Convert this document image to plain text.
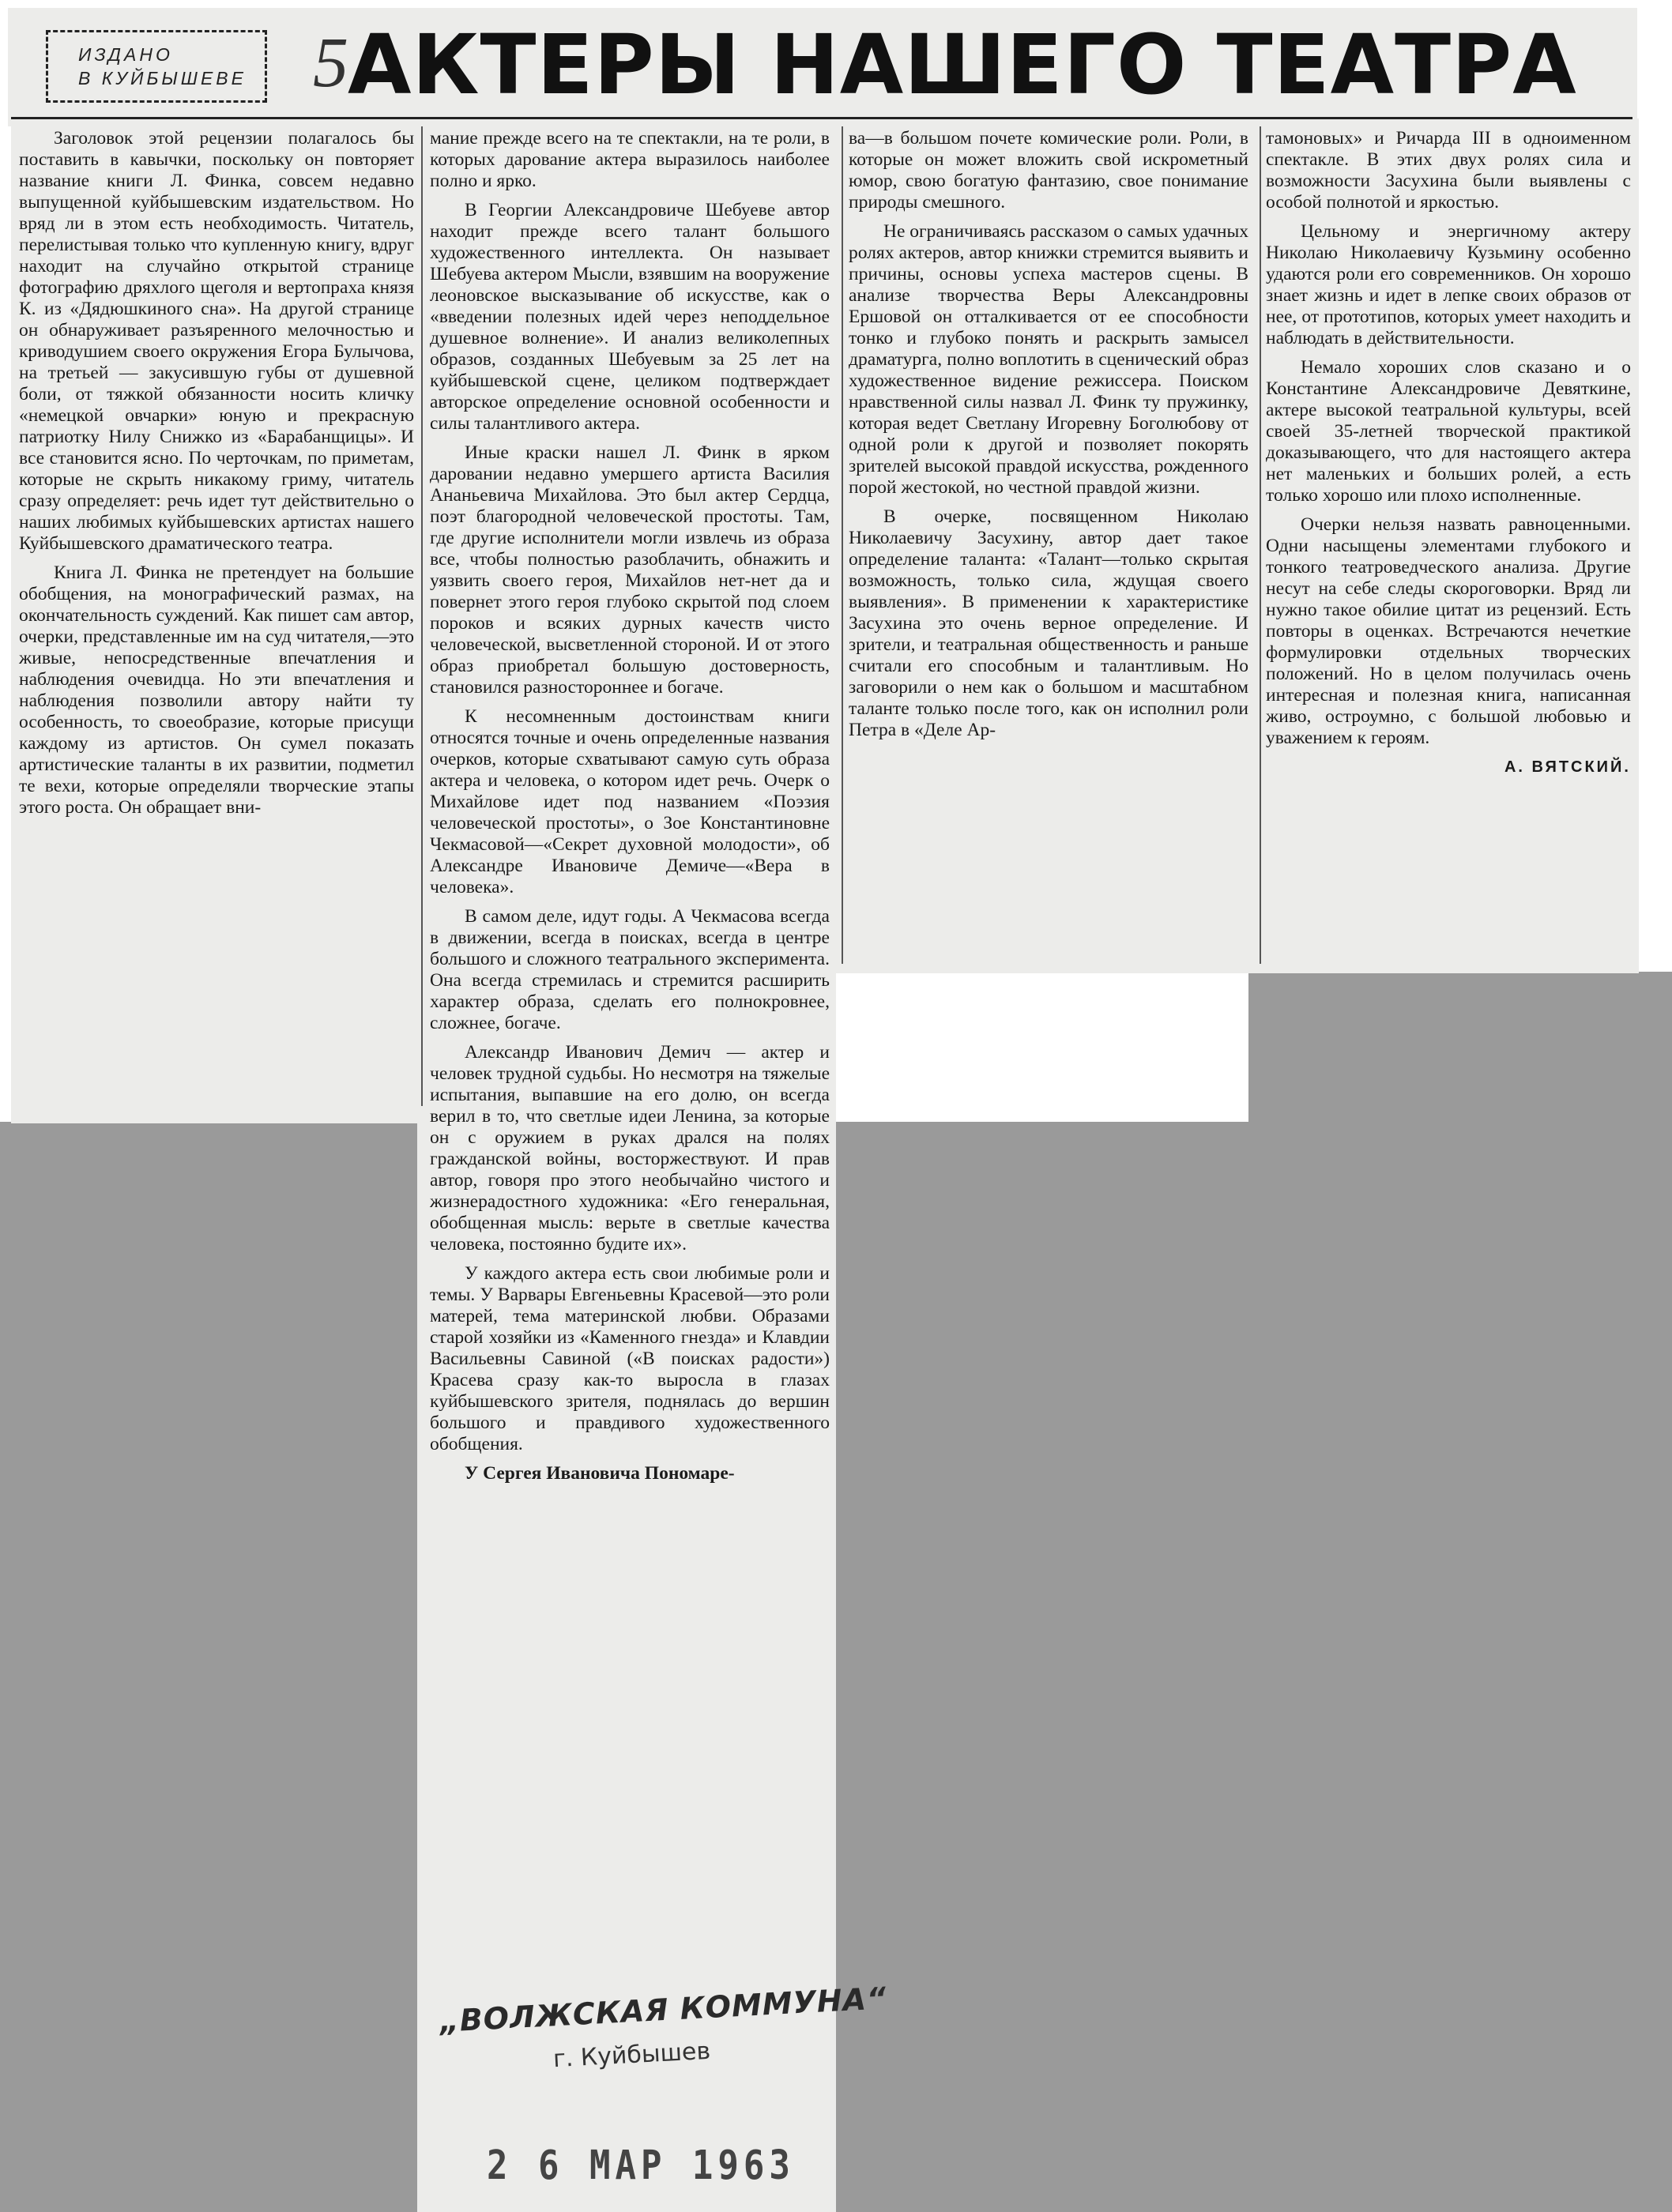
ИЗДАНО
В КУЙБЫШЕВЕ 5 АКТЕРЫ НАШЕГО ТЕАТРА

Заголовок этой рецензии полагалось бы поставить в кавычки, поскольку он повторяет название книги Л. Финка, совсем недавно выпущенной куйбышевским издательством. Но вряд ли в этом есть необходимость. Читатель, перелистывая только что купленную книгу, вдруг находит на случайно открытой странице фотографию дряхлого щеголя и вертопраха князя К. из «Дядюшкиного сна». На другой странице он обнаруживает разъяренного мелочностью и криводушием своего окружения Егора Булычова, на третьей — закусившую губы от душевной боли, от тяжкой обязанности носить кличку «немецкой овчарки» юную и прекрасную патриотку Нилу Снижко из «Барабанщицы». И все становится ясно. По черточкам, по приметам, которые не скрыть никакому гриму, читатель сразу определяет: речь идет тут действительно о наших любимых куйбышевских артистах нашего Куйбышевского драматического театра.

Книга Л. Финка не претендует на большие обобщения, на монографический размах, на окончательность суждений. Как пишет сам автор, очерки, представленные им на суд читателя,—это живые, непосредственные впечатления и наблюдения очевидца. Но эти впечатления и наблюдения позволили автору найти ту особенность, то своеобразие, которые присущи каждому из артистов. Он сумел показать артистические таланты в их развитии, подметил те вехи, которые определяли творческие этапы этого роста. Он обращает вни-

мание прежде всего на те спектакли, на те роли, в которых дарование актера выразилось наиболее полно и ярко.

В Георгии Александровиче Шебуеве автор находит прежде всего талант большого художественного интеллекта. Он называет Шебуева актером Мысли, взявшим на вооружение леоновское высказывание об искусстве, как о «введении полезных идей через неподдельное душевное волнение». И анализ великолепных образов, созданных Шебуевым за 25 лет на куйбышевской сцене, целиком подтверждает авторское определение основной особенности и силы талантливого актера.

Иные краски нашел Л. Финк в ярком даровании недавно умершего артиста Василия Ананьевича Михайлова. Это был актер Сердца, поэт благородной человеческой простоты. Там, где другие исполнители могли извлечь из образа все, чтобы полностью разоблачить, обнажить и уязвить своего героя, Михайлов нет-нет да и повернет этого героя глубоко скрытой под слоем пороков и всяких дурных качеств чисто человеческой, высветленной стороной. И от этого образ приобретал большую достоверность, становился разностороннее и богаче.

К несомненным достоинствам книги относятся точные и очень определенные названия очерков, которые схватывают самую суть образа актера и человека, о котором идет речь. Очерк о Михайлове идет под названием «Поэзия человеческой простоты», о Зое Константиновне Чекмасовой—«Секрет духовной молодости», об Александре Ивановиче Демиче—«Вера в человека».

В самом деле, идут годы. А Чекмасова всегда в движении, всегда в поисках, всегда в центре большого и сложного театрального эксперимента. Она всегда стремилась и стремится расширить характер образа, сделать его полнокровнее, сложнее, богаче.

Александр Иванович Демич — актер и человек трудной судьбы. Но несмотря на тяжелые испытания, выпавшие на его долю, он всегда верил в то, что светлые идеи Ленина, за которые он с оружием в руках дрался на полях гражданской войны, восторжествуют. И прав автор, говоря про этого необычайно чистого и жизнерадостного художника: «Его генеральная, обобщенная мысль: верьте в светлые качества человека, постоянно будите их».

У каждого актера есть свои любимые роли и темы. У Варвары Евгеньевны Красевой—это роли матерей, тема материнской любви. Образами старой хозяйки из «Каменного гнезда» и Клавдии Васильевны Савиной («В поисках радости») Красева сразу как-то выросла в глазах куйбышевского зрителя, поднялась до вершин большого и правдивого художественного обобщения.

У Сергея Ивановича Пономаре-

ва—в большом почете комические роли. Роли, в которые он может вложить свой искрометный юмор, свою богатую фантазию, свое понимание природы смешного.

Не ограничиваясь рассказом о самых удачных ролях актеров, автор книжки стремится выявить и причины, основы успеха мастеров сцены. В анализе творчества Веры Александровны Ершовой он отталкивается от ее способности тонко и глубоко понять и раскрыть замысел драматурга, полно воплотить в сценический образ художественное видение режиссера. Поиском нравственной силы назвал Л. Финк ту пружинку, которая ведет Светлану Игоревну Боголюбову от одной роли к другой и позволяет покорять зрителей высокой правдой искусства, рожденного порой жестокой, но честной правдой жизни.

В очерке, посвященном Николаю Николаевичу Засухину, автор дает такое определение таланта: «Талант—только скрытая возможность, только сила, ждущая своего выявления». В применении к характеристике Засухина это очень верное определение. И зрители, и театральная общественность и раньше считали его способным и талантливым. Но заговорили о нем как о большом и масштабном таланте только после того, как он исполнил роли Петра в «Деле Ар-

тамоновых» и Ричарда III в одноименном спектакле. В этих двух ролях сила и возможности Засухина были выявлены с особой полнотой и яркостью.

Цельному и энергичному актеру Николаю Николаевичу Кузьмину особенно удаются роли его современников. Он хорошо знает жизнь и идет в лепке своих образов от нее, от прототипов, которых умеет находить и наблюдать в действительности.

Немало хороших слов сказано и о Константине Александровиче Девяткине, актере высокой театральной культуры, всей своей 35-летней творческой практикой доказывающего, что для настоящего актера нет маленьких и больших ролей, а есть только хорошо или плохо исполненные.

Очерки нельзя назвать равноценными. Одни насыщены элементами глубокого и тонкого театроведческого анализа. Другие несут на себе следы скороговорки. Вряд ли нужно такое обилие цитат из рецензий. Есть повторы в оценках. Встречаются нечеткие формулировки отдельных творческих положений. Но в целом получилась очень интересная и полезная книга, написанная живо, остроумно, с большой любовью и уважением к героям.

А. ВЯТСКИЙ.
„ВОЛЖСКАЯ КОММУНА“
г. Куйбышев
2 6 МАР 1963
